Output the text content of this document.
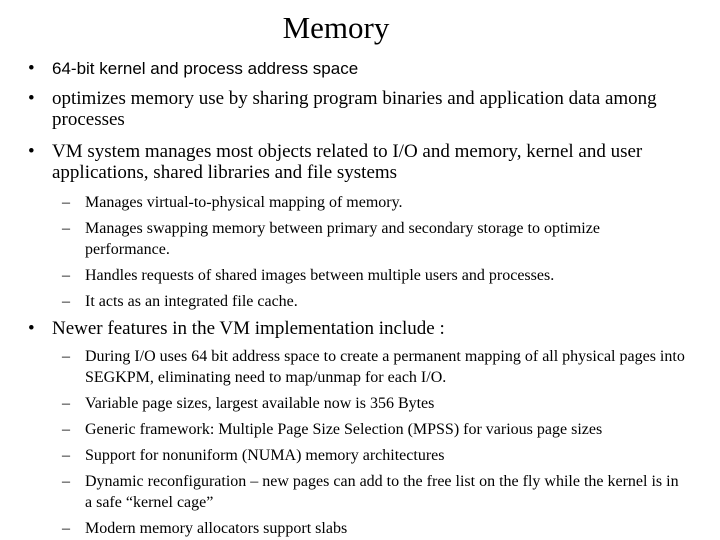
Memory
• 64-bit kernel and process address space
• optimizes memory use by sharing program binaries and application data among processes
• VM system manages most objects related to I/O and memory, kernel and user applications, shared libraries and file systems
– Manages virtual-to-physical mapping of memory.
– Manages swapping memory between primary and secondary storage to optimize performance.
– Handles requests of shared images between multiple users and processes.
– It acts as an integrated file cache.
• Newer features in the VM implementation include :
– During I/O uses 64 bit address space to create a permanent mapping of all physical pages into SEGKPM, eliminating need to map/unmap for each I/O.
– Variable page sizes, largest available now is 356 Bytes
– Generic framework: Multiple Page Size Selection (MPSS) for various page sizes
– Support for nonuniform (NUMA) memory architectures
– Dynamic reconfiguration – new pages can add to the free list on the fly while the kernel is in a safe “kernel cage”
– Modern memory allocators support slabs
